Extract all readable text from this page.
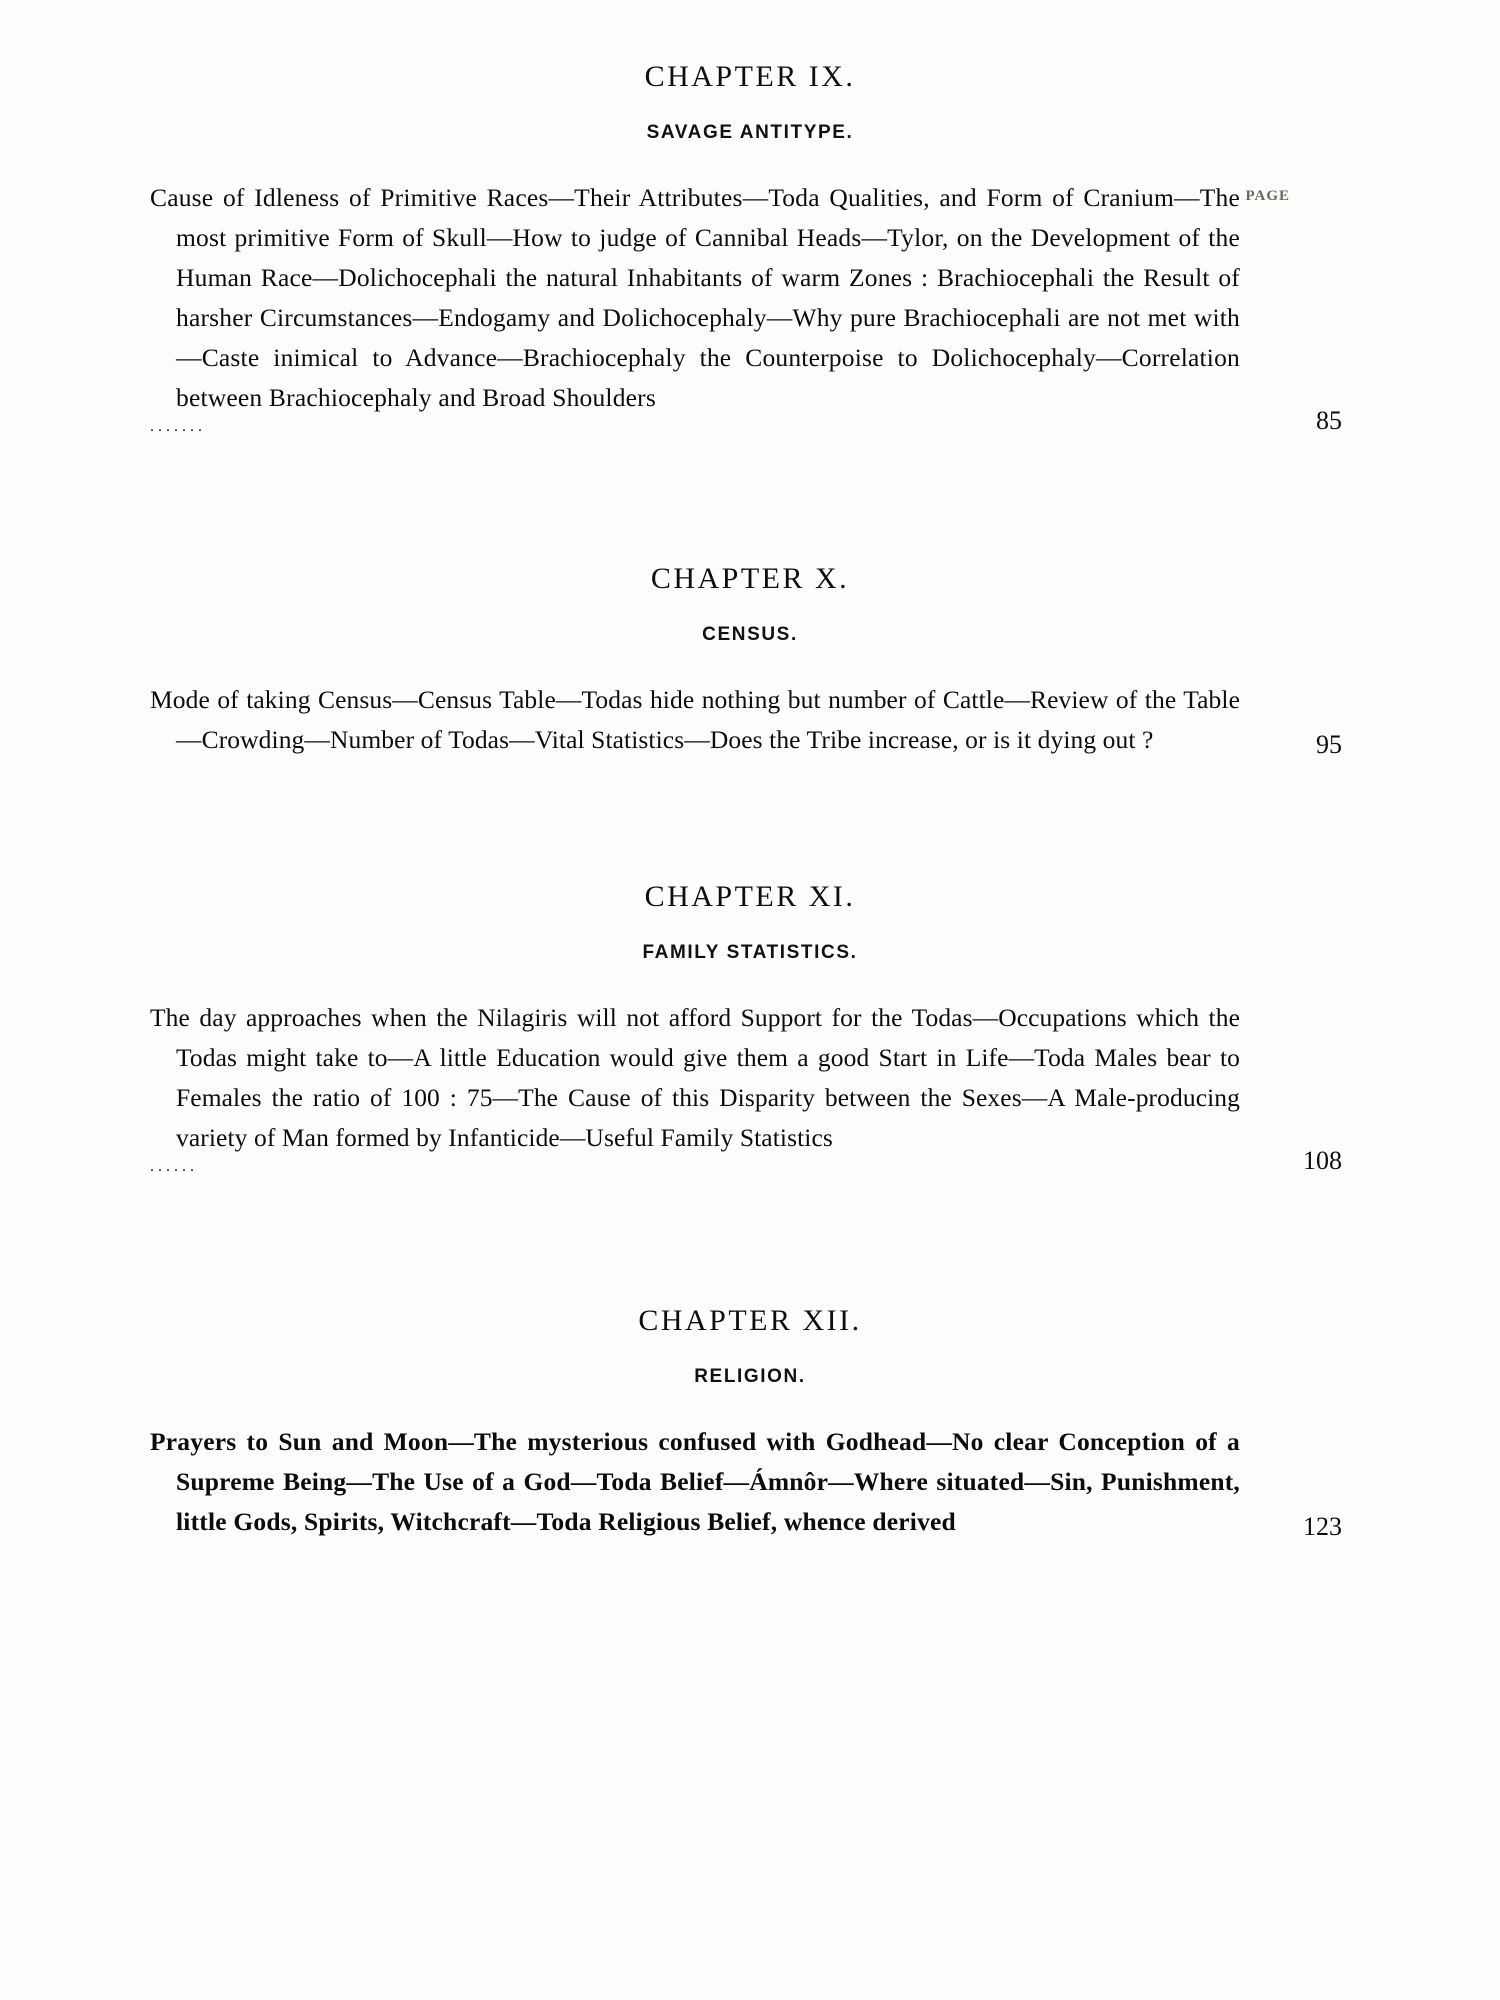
PAGE
CHAPTER IX.
SAVAGE ANTITYPE.
Cause of Idleness of Primitive Races—Their Attributes—Toda Qualities, and Form of Cranium—The most primitive Form of Skull—How to judge of Cannibal Heads—Tylor, on the Development of the Human Race—Dolichocephali the natural Inhabitants of warm Zones : Brachiocephali the Result of harsher Circumstances—Endogamy and Dolichocephaly—Why pure Brachiocephali are not met with—Caste inimical to Advance—Brachiocephaly the Counterpoise to Dolichocephaly—Correlation between Brachiocephaly and Broad Shoulders
. . . . . . .	85
CHAPTER X.
CENSUS.
Mode of taking Census—Census Table—Todas hide nothing but number of Cattle—Review of the Table—Crowding—Number of Todas—Vital Statistics—Does the Tribe increase, or is it dying out ?	95
CHAPTER XI.
FAMILY STATISTICS.
The day approaches when the Nilagiris will not afford Support for the Todas—Occupations which the Todas might take to—A little Education would give them a good Start in Life—Toda Males bear to Females the ratio of 100 : 75—The Cause of this Disparity between the Sexes—A Male-producing variety of Man formed by Infanticide—Useful Family Statistics
. . . . . .	108
CHAPTER XII.
RELIGION.
Prayers to Sun and Moon—The mysterious confused with Godhead—No clear Conception of a Supreme Being—The Use of a God—Toda Belief—Ámnôr—Where situated—Sin, Punishment, little Gods, Spirits, Witchcraft—Toda Religious Belief, whence derived	123
